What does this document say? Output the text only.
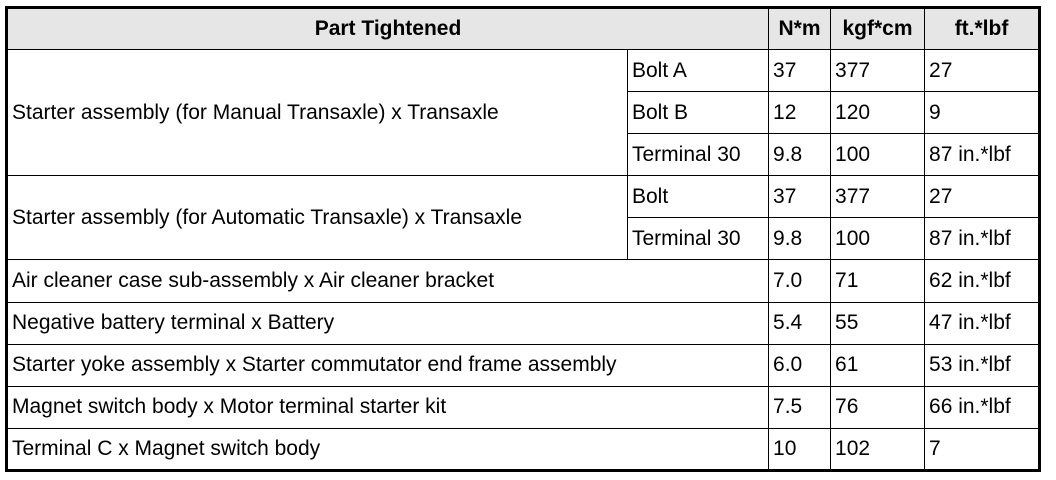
Part Tightened		N*m	kgf*cm	ft.*lbf
Starter assembly (for Manual Transaxle) x Transaxle	Bolt A	37	377	27
	Bolt B	12	120	9
	Terminal 30	9.8	100	87 in.*lbf
Starter assembly (for Automatic Transaxle) x Transaxle	Bolt	37	377	27
	Terminal 30	9.8	100	87 in.*lbf
Air cleaner case sub-assembly x Air cleaner bracket		7.0	71	62 in.*lbf
Negative battery terminal x Battery		5.4	55	47 in.*lbf
Starter yoke assembly x Starter commutator end frame assembly		6.0	61	53 in.*lbf
Magnet switch body x Motor terminal starter kit		7.5	76	66 in.*lbf
Terminal C x Magnet switch body		10	102	7
